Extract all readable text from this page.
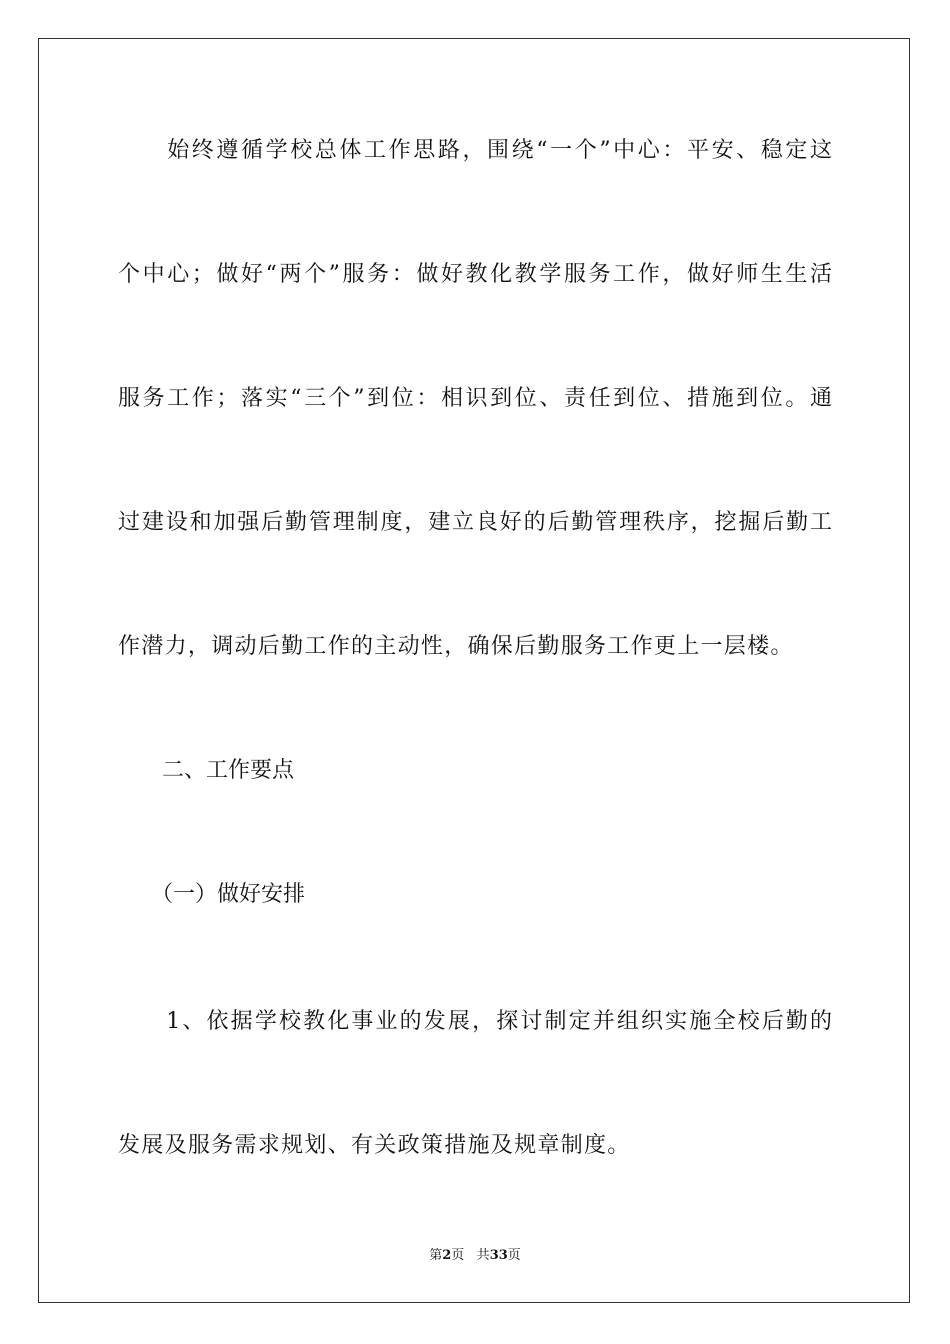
　　始终遵循学校总体工作思路，围绕“一个”中心：平安、稳定这
个中心；做好“两个”服务：做好教化教学服务工作，做好师生生活
服务工作；落实“三个”到位：相识到位、责任到位、措施到位。通
过建设和加强后勤管理制度，建立良好的后勤管理秩序，挖掘后勤工
作潜力，调动后勤工作的主动性，确保后勤服务工作更上一层楼。
　　二、工作要点
　　（一）做好安排
　　1、依据学校教化事业的发展，探讨制定并组织实施全校后勤的
发展及服务需求规划、有关政策措施及规章制度。
第2页 共33页
